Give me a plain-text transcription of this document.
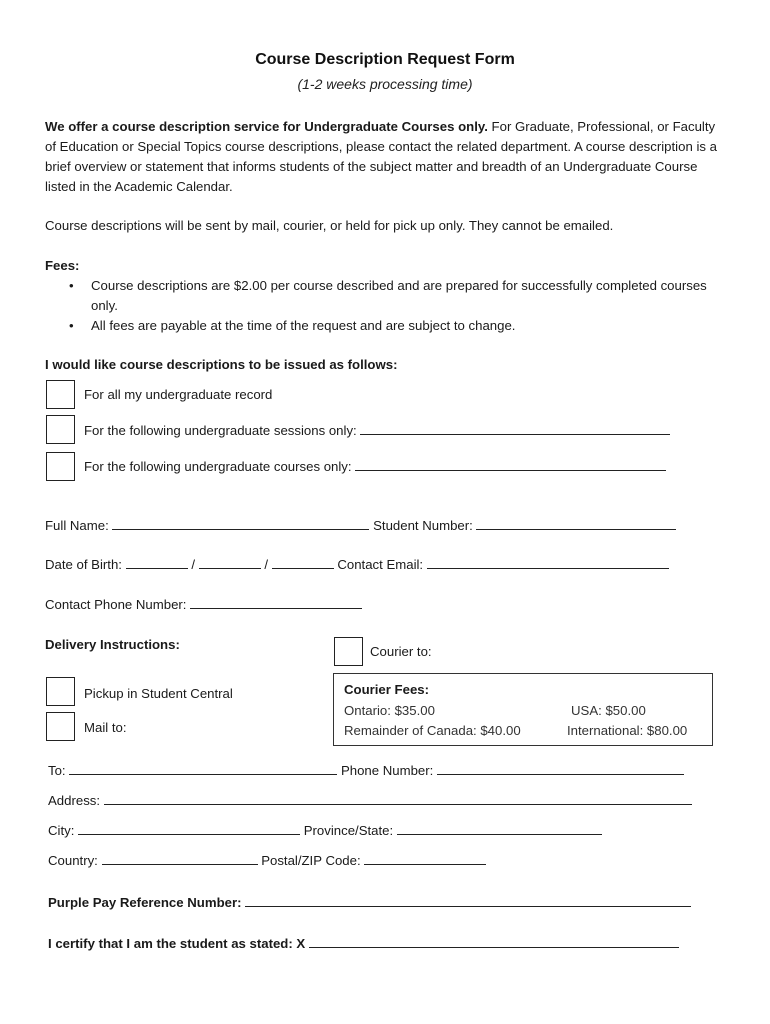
Course Description Request Form
(1-2 weeks processing time)
We offer a course description service for Undergraduate Courses only. For Graduate, Professional, or Faculty of Education or Special Topics course descriptions, please contact the related department. A course description is a brief overview or statement that informs students of the subject matter and breadth of an Undergraduate Course listed in the Academic Calendar.
Course descriptions will be sent by mail, courier, or held for pick up only. They cannot be emailed.
Fees:
• Course descriptions are $2.00 per course described and are prepared for successfully completed courses only.
• All fees are payable at the time of the request and are subject to change.
I would like course descriptions to be issued as follows:
For all my undergraduate record
For the following undergraduate sessions only:
For the following undergraduate courses only:
Full Name:	Student Number:
Date of Birth:	/	/	Contact Email:
Contact Phone Number:
Delivery Instructions:	Courier to:
Pickup in Student Central
Mail to:
Courier Fees:
Ontario: $35.00	USA: $50.00
Remainder of Canada: $40.00	International: $80.00
To:	Phone Number:
Address:
City:	Province/State:
Country:	Postal/ZIP Code:
Purple Pay Reference Number:
I certify that I am the student as stated: X
